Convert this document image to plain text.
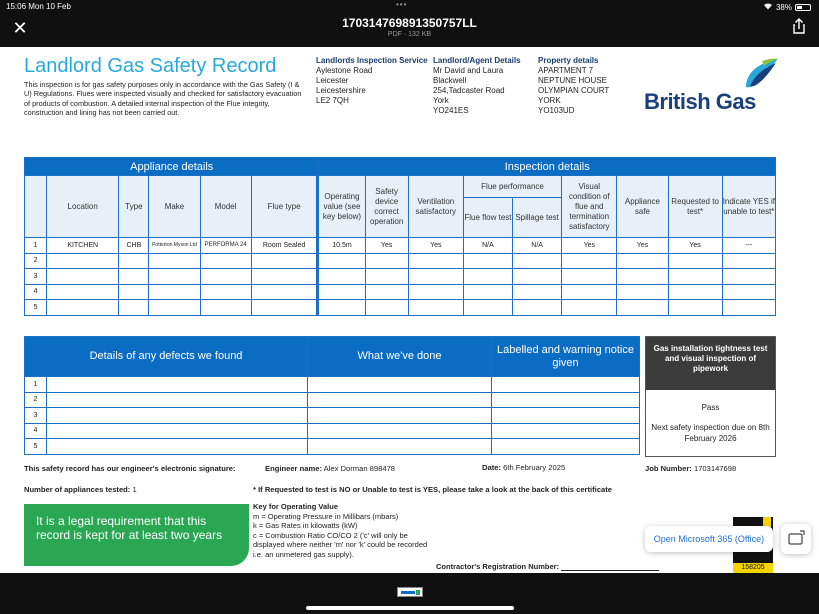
15:06 Mon 10 Feb	•••	38%
✕	170314769891350757LL
PDF · 132 KB
Landlord Gas Safety Record
This inspection is for gas safety purposes only in accordance with the Gas Safety (I & U) Regulations. Flues were inspected visually and checked for satisfactory evacuation of products of combustion. A detailed internal inspection of the Flue integrity, construction and lining has not been carried out.
Landlords Inspection Service
Aylestone Road
Leicester
Leicestershire
LE2 7QH
Landlord/Agent Details
Mr David and Laura
Blackwell
254,Tadcaster Road
York
YO241ES
Property details
APARTMENT 7
NEPTUNE HOUSE
OLYMPIAN COURT
YORK
YO103UD	British Gas
Appliance details						Inspection details								
	Location	Type	Make	Model	Flue type		Operating value (see key below)	Safety device correct operation	Ventilation satisfactory	Flue performance		Visual condition of flue and termination satisfactory	Appliance safe	Requested to test*	Indicate YES if unable to test*
									Flue flow test	Spillage test				
1	KITCHEN	CHB	Potterton Myson Ltd	PERFORMA 24	Room Sealed		10.5m	Yes	Yes	N/A	N/A	Yes	Yes	Yes	---
2															
3															
4															
5															
Details of any defects we found		What we've done	Labelled and warning notice given
1			
2			
3			
4			
5			
Gas installation tightness test and visual inspection of pipework
Pass
Next safety inspection due on 8th February 2026
This safety record has our engineer's electronic signature:	Engineer name: Alex Dorman 898478	Date: 6th February 2025	Job Number: 1703147698
Number of appliances tested: 1	* If Requested to test is NO or Unable to test is YES, please take a look at the back of this certificate
It is a legal requirement that this record is kept for at least two years
Key for Operating Value
m = Operating Pressure in Millibars (mbars)
k = Gas Rates in kilowatts (kW)
c = Combustion Ratio CO/CO 2 ('c' will only be displayed where neither 'm' nor 'k' could be recorded i.e. an unmetered gas supply).
Contractor's Registration Number:	158205
Open Microsoft 365 (Office)
